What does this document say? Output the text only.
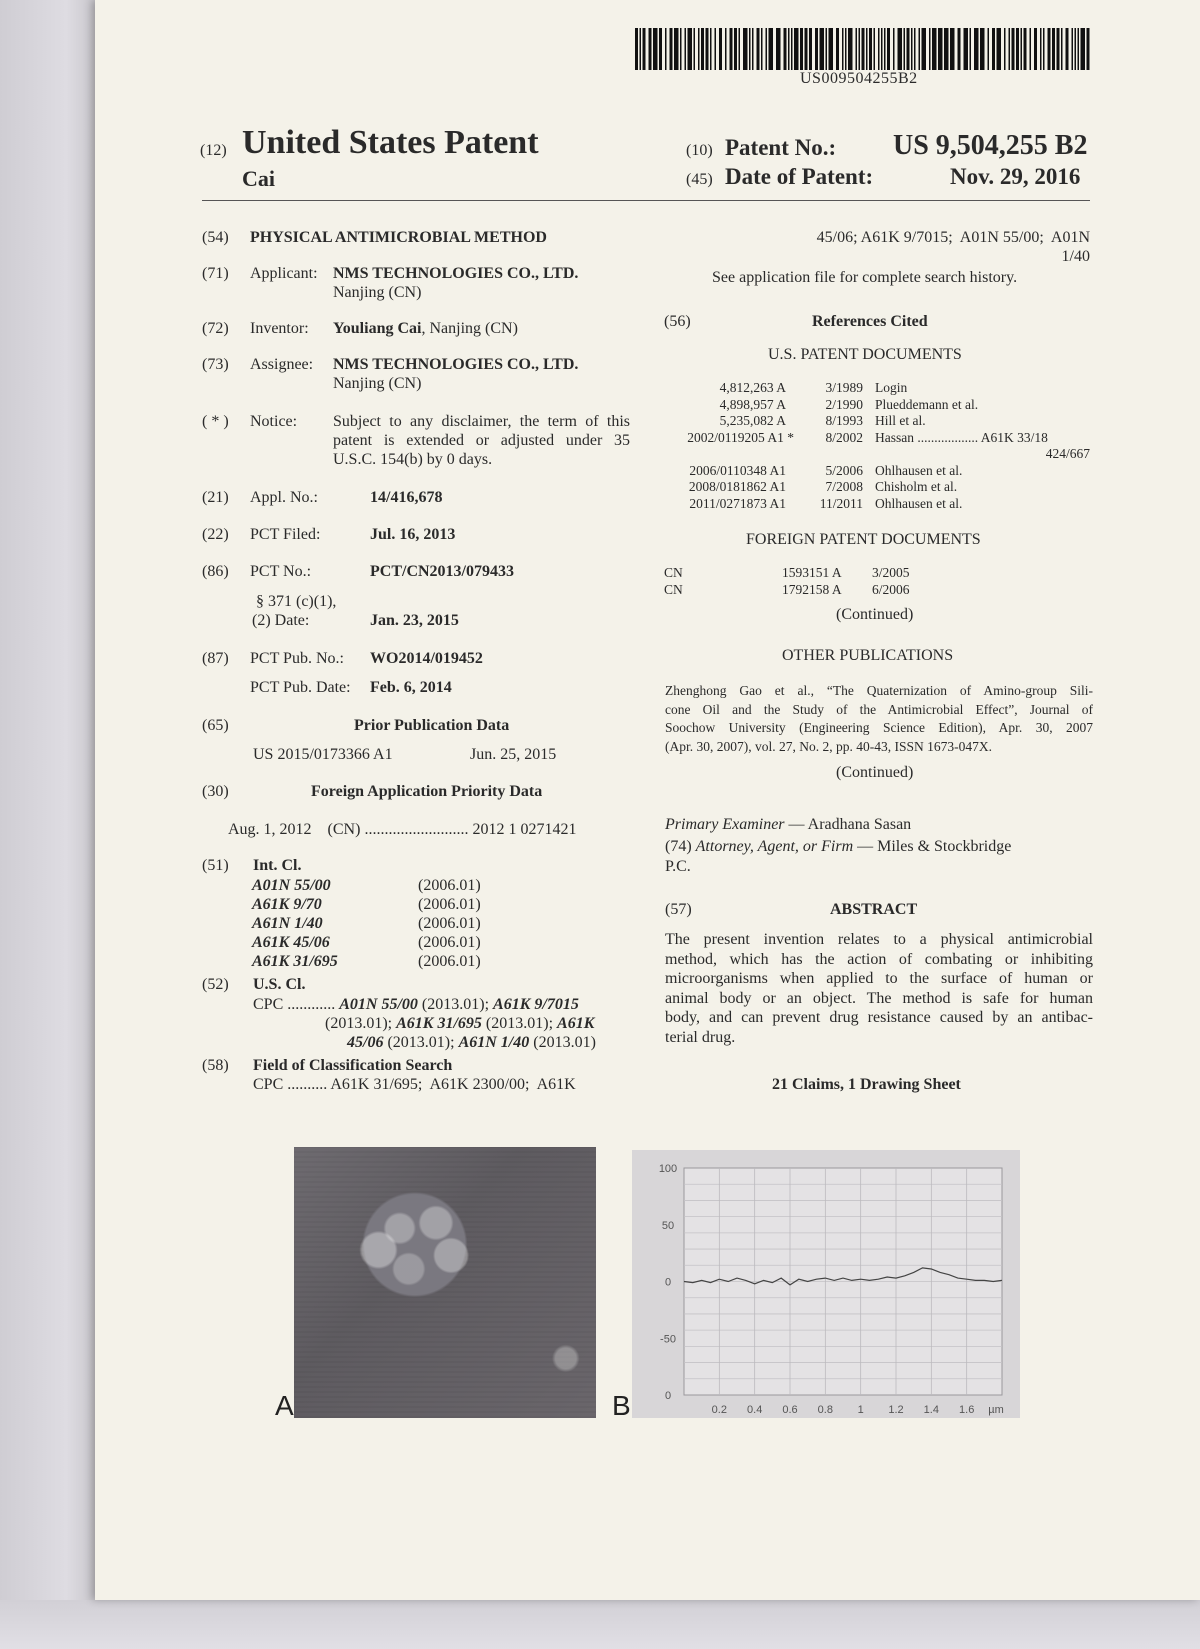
US009504255B2
(12) United States Patent
Cai
(10) Patent No.: US 9,504,255 B2
(45) Date of Patent:	Nov. 29, 2016
(54) PHYSICAL ANTIMICROBIAL METHOD
(71) Applicant: NMS TECHNOLOGIES CO., LTD.
Nanjing (CN)
(72) Inventor: Youliang Cai, Nanjing (CN)
(73) Assignee: NMS TECHNOLOGIES CO., LTD.
Nanjing (CN)
( * ) Notice: Subject to any disclaimer, the term of this
patent is extended or adjusted under 35
U.S.C. 154(b) by 0 days.
(21) Appl. No.:	14/416,678
(22) PCT Filed:	Jul. 16, 2013
(86) PCT No.:	PCT/CN2013/079433
§ 371 (c)(1),
(2) Date:	Jan. 23, 2015
(87) PCT Pub. No.: WO2014/019452
PCT Pub. Date: Feb. 6, 2014
(65)	Prior Publication Data
US 2015/0173366 A1	Jun. 25, 2015
(30)	Foreign Application Priority Data
Aug. 1, 2012    (CN) .......................... 2012 1 0271421
(51) Int. Cl.
A01N 55/00	(2006.01)
A61K 9/70	(2006.01)
A61N 1/40	(2006.01)
A61K 45/06	(2006.01)
A61K 31/695	(2006.01)
(52) U.S. Cl.
CPC ............ A01N 55/00 (2013.01); A61K 9/7015
(2013.01); A61K 31/695 (2013.01); A61K
45/06 (2013.01); A61N 1/40 (2013.01)
(58) Field of Classification Search
CPC .......... A61K 31/695;  A61K 2300/00;  A61K
45/06; A61K 9/7015;  A01N 55/00;  A01N
1/40
See application file for complete search history.
(56)	References Cited
U.S. PATENT DOCUMENTS
4,812,263 A	3/1989 Login
4,898,957 A	2/1990 Plueddemann et al.
5,235,082 A	8/1993 Hill et al.
2002/0119205 A1 *	8/2002 Hassan .................. A61K 33/18
424/667
2006/0110348 A1	5/2006 Ohlhausen et al.
2008/0181862 A1	7/2008 Chisholm et al.
2011/0271873 A1	11/2011 Ohlhausen et al.
FOREIGN PATENT DOCUMENTS
CN	1593151 A	3/2005
CN	1792158 A	6/2006
(Continued)
OTHER PUBLICATIONS
Zhenghong Gao et al., “The Quaternization of Amino-group Sili-
cone Oil and the Study of the Antimicrobial Effect”, Journal of
Soochow University (Engineering Science Edition), Apr. 30, 2007
(Apr. 30, 2007), vol. 27, No. 2, pp. 40-43, ISSN 1673-047X.
(Continued)
Primary Examiner — Aradhana Sasan
(74) Attorney, Agent, or Firm — Miles & Stockbridge
P.C.
(57)	ABSTRACT
The present invention relates to a physical antimicrobial
method, which has the action of combating or inhibiting
microorganisms when applied to the surface of human or
animal body or an object. The method is safe for human
body, and can prevent drug resistance caused by an antibac-
terial drug.
21 Claims, 1 Drawing Sheet
A	0.2 0.4 0.6 0.8 1 1.2 1.4 1.6 µm
100
50
0
-50
0
B
